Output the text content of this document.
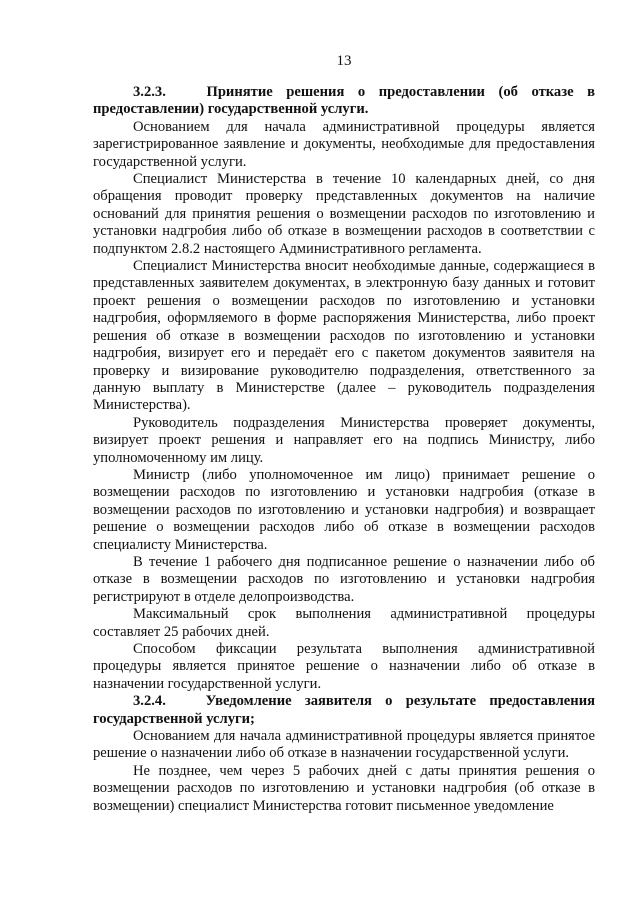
13

3.2.3.   Принятие решения о предоставлении (об отказе в предоставлении) государственной услуги.

Основанием для начала административной процедуры является зарегистрированное заявление и документы, необходимые для предоставления государственной услуги.

Специалист Министерства в течение 10 календарных дней, со дня обращения проводит проверку представленных документов на наличие оснований для принятия решения о возмещении расходов по изготовлению и установки надгробия либо об отказе в возмещении расходов в соответствии с подпунктом 2.8.2 настоящего Административного регламента.

Специалист Министерства вносит необходимые данные, содержащиеся в представленных заявителем документах, в электронную базу данных и готовит проект решения о возмещении расходов по изготовлению и установки надгробия, оформляемого в форме распоряжения Министерства, либо проект решения об отказе в возмещении расходов по изготовлению и установки надгробия, визирует его и передаёт его с пакетом документов заявителя на проверку и визирование руководителю подразделения, ответственного за данную выплату в Министерстве (далее – руководитель подразделения Министерства).

Руководитель подразделения Министерства проверяет документы, визирует проект решения и направляет его на подпись Министру, либо уполномоченному им лицу.

Министр (либо уполномоченное им лицо) принимает решение о возмещении расходов по изготовлению и установки надгробия (отказе в возмещении расходов по изготовлению и установки надгробия) и возвращает решение о возмещении расходов либо об отказе в возмещении расходов специалисту Министерства.

В течение 1 рабочего дня подписанное решение о назначении либо об отказе в возмещении расходов по изготовлению и установки надгробия регистрируют в отделе делопроизводства.

Максимальный срок выполнения административной процедуры составляет 25 рабочих дней.

Способом фиксации результата выполнения административной процедуры является принятое решение о назначении либо об отказе в назначении государственной услуги.

3.2.4.   Уведомление заявителя о результате предоставления государственной услуги;

Основанием для начала административной процедуры является принятое решение о назначении либо об отказе в назначении государственной услуги.

Не позднее, чем через 5 рабочих дней с даты принятия решения о возмещении расходов по изготовлению и установки надгробия (об отказе в возмещении) специалист Министерства готовит письменное уведомление
